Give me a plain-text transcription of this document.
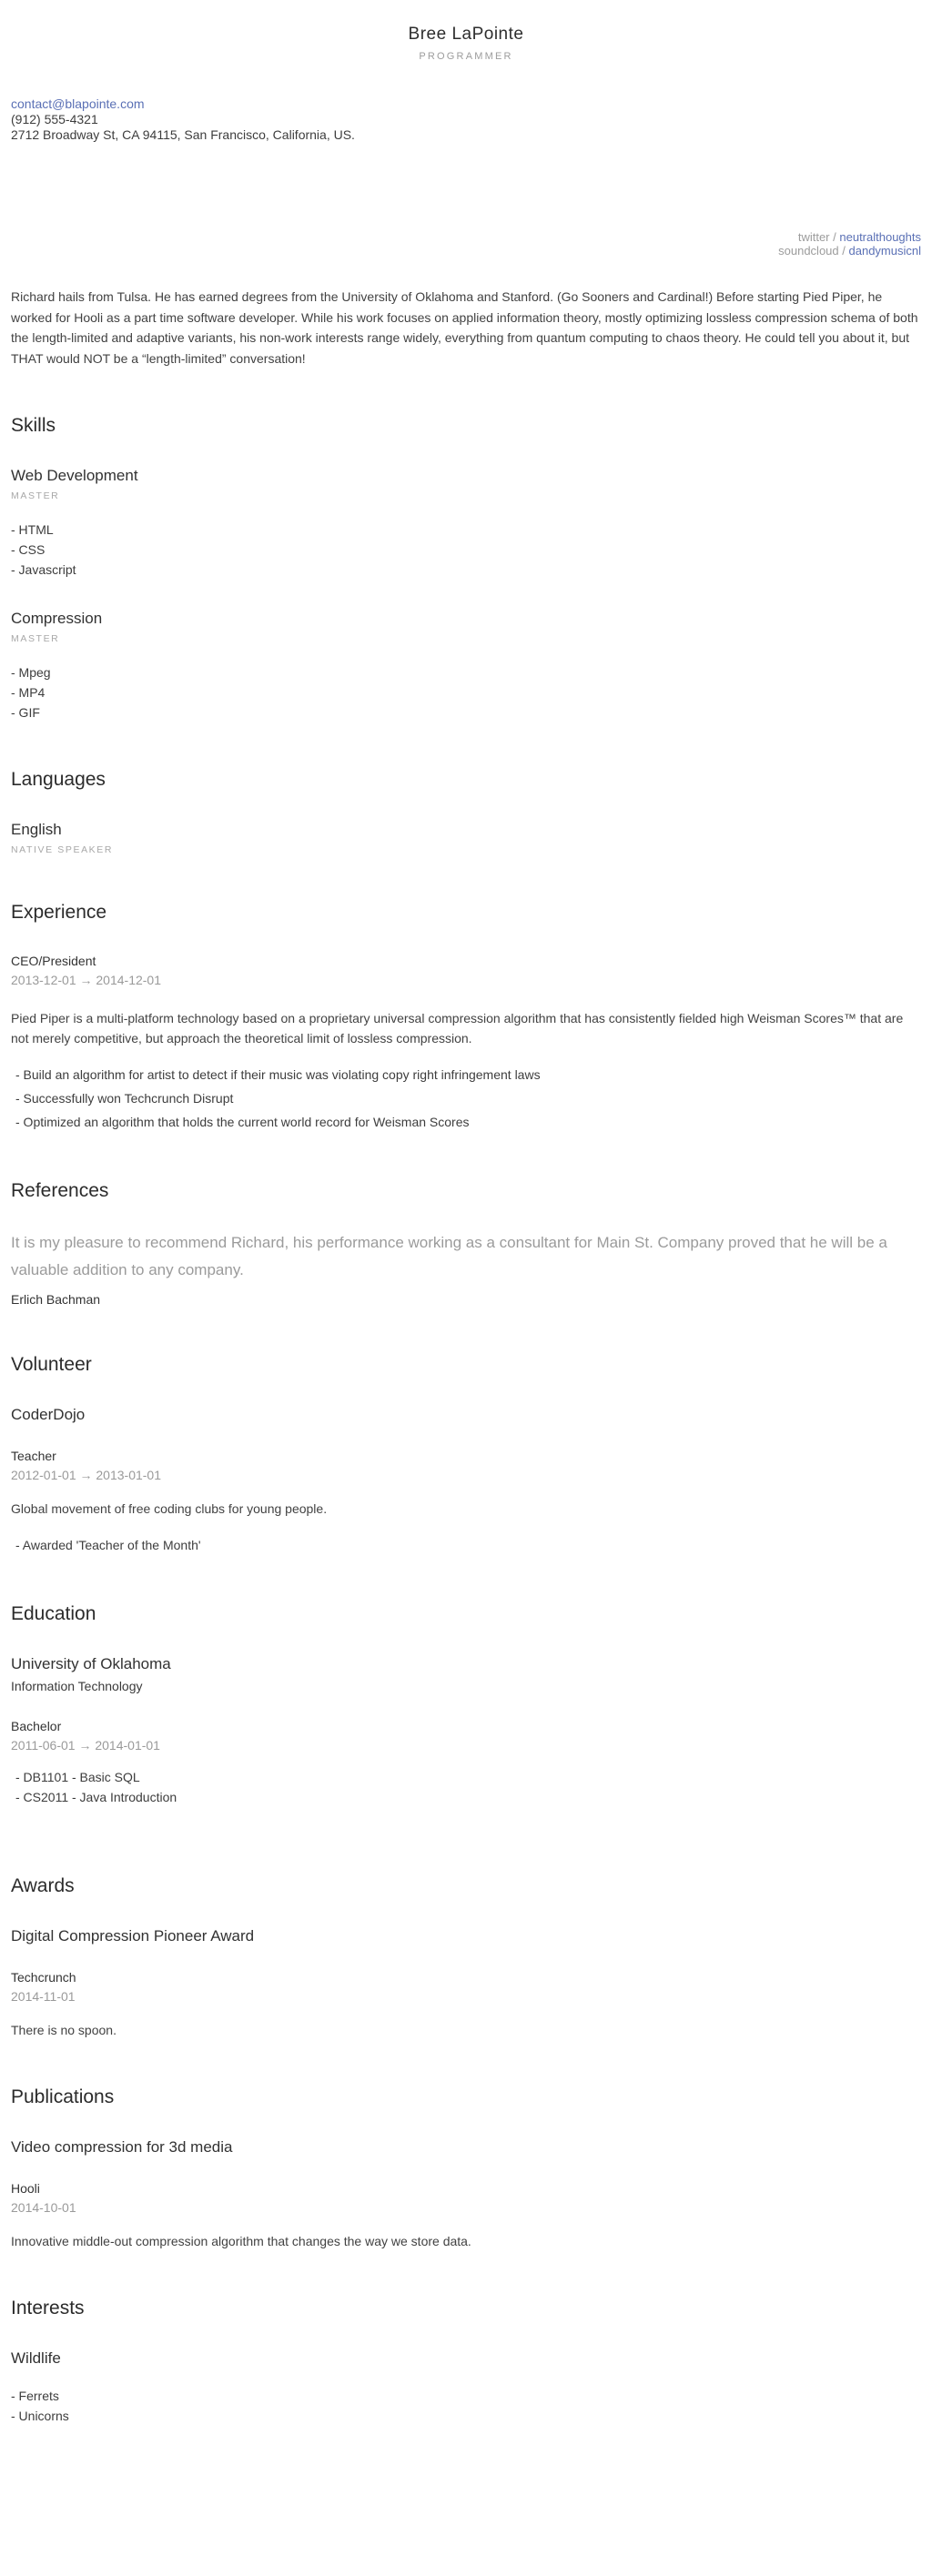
Bree LaPointe
PROGRAMMER
contact@blapointe.com
(912) 555-4321
2712 Broadway St, CA 94115, San Francisco, California, US.
twitter / neutralthoughts
soundcloud / dandymusicnl

Richard hails from Tulsa. He has earned degrees from the University of Oklahoma and Stanford. (Go Sooners and Cardinal!) Before starting Pied Piper, he worked for Hooli as a part time software developer. While his work focuses on applied information theory, mostly optimizing lossless compression schema of both the length-limited and adaptive variants, his non-work interests range widely, everything from quantum computing to chaos theory. He could tell you about it, but THAT would NOT be a “length-limited” conversation!

Skills
Web Development
MASTER
- HTML
- CSS
- Javascript
Compression
MASTER
- Mpeg
- MP4
- GIF
Languages
English
NATIVE SPEAKER
Experience
CEO/President
2013-12-01 → 2014-12-01

Pied Piper is a multi-platform technology based on a proprietary universal compression algorithm that has consistently fielded high Weisman Scores™ that are not merely competitive, but approach the theoretical limit of lossless compression.

- Build an algorithm for artist to detect if their music was violating copy right infringement laws
- Successfully won Techcrunch Disrupt
- Optimized an algorithm that holds the current world record for Weisman Scores
References
It is my pleasure to recommend Richard, his performance working as a consultant for Main St. Company proved that he will be a valuable addition to any company.
Erlich Bachman
Volunteer
CoderDojo
Teacher
2012-01-01 → 2013-01-01

Global movement of free coding clubs for young people.

- Awarded 'Teacher of the Month'
Education
University of Oklahoma
Information Technology
Bachelor
2011-06-01 → 2014-01-01
- DB1101 - Basic SQL
- CS2011 - Java Introduction
Awards
Digital Compression Pioneer Award
Techcrunch
2014-11-01

There is no spoon.

Publications
Video compression for 3d media
Hooli
2014-10-01

Innovative middle-out compression algorithm that changes the way we store data.

Interests
Wildlife
- Ferrets
- Unicorns
